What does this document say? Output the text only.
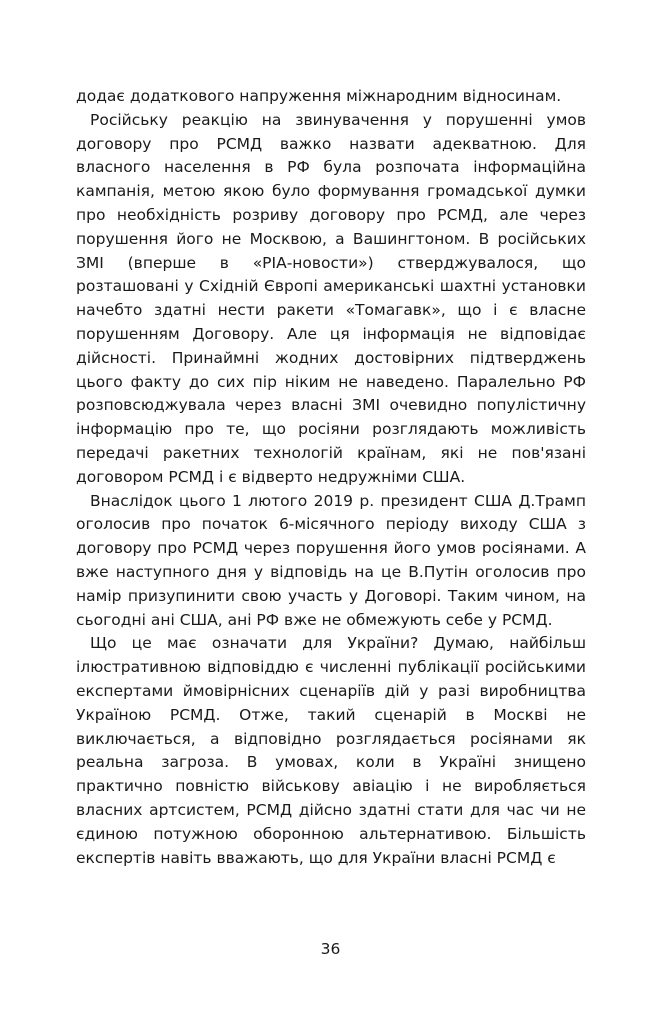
додає додаткового напруження міжнародним відносинам.

Російську реакцію на звинувачення у порушенні умов договору про РСМД важко назвати адекватною. Для власного населення в РФ була розпочата інформаційна кампанія, метою якою було формування громадської думки про необхідність розриву договору про РСМД, але через порушення його не Москвою, а Вашингтоном. В російських ЗМІ (вперше в «РІА-новости») стверджувалося, що розташовані у Східній Європі американські шахтні установки начебто здатні нести ракети «Томагавк», що і є власне порушенням Договору. Але ця інформація не відповідає дійсності. Принаймні жодних достовірних підтверджень цього факту до сих пір ніким не наведено. Паралельно РФ розповсюджувала через власні ЗМІ очевидно популістичну інформацію про те, що росіяни розглядають можливість передачі ракетних технологій країнам, які не пов'язані договором РСМД і є відверто недружніми США.

Внаслідок цього 1 лютого 2019 р. президент США Д.Трамп оголосив про початок 6-місячного періоду виходу США з договору про РСМД через порушення його умов росіянами. А вже наступного дня у відповідь на це В.Путін оголосив про намір призупинити свою участь у Договорі. Таким чином, на сьогодні ані США, ані РФ вже не обмежують себе у РСМД.

Що це має означати для України? Думаю, найбільш ілюстративною відповіддю є численні публікації російськими експертами ймовірнісних сценаріїв дій у разі виробництва Україною РСМД. Отже, такий сценарій в Москві не виключається, а відповідно розглядається росіянами як реальна загроза. В умовах, коли в Україні знищено практично повністю військову авіацію і не виробляється власних артсистем, РСМД дійсно здатні стати для час чи не єдиною потужною оборонною альтернативою. Більшість експертів навіть вважають, що для України власні РСМД є

36
